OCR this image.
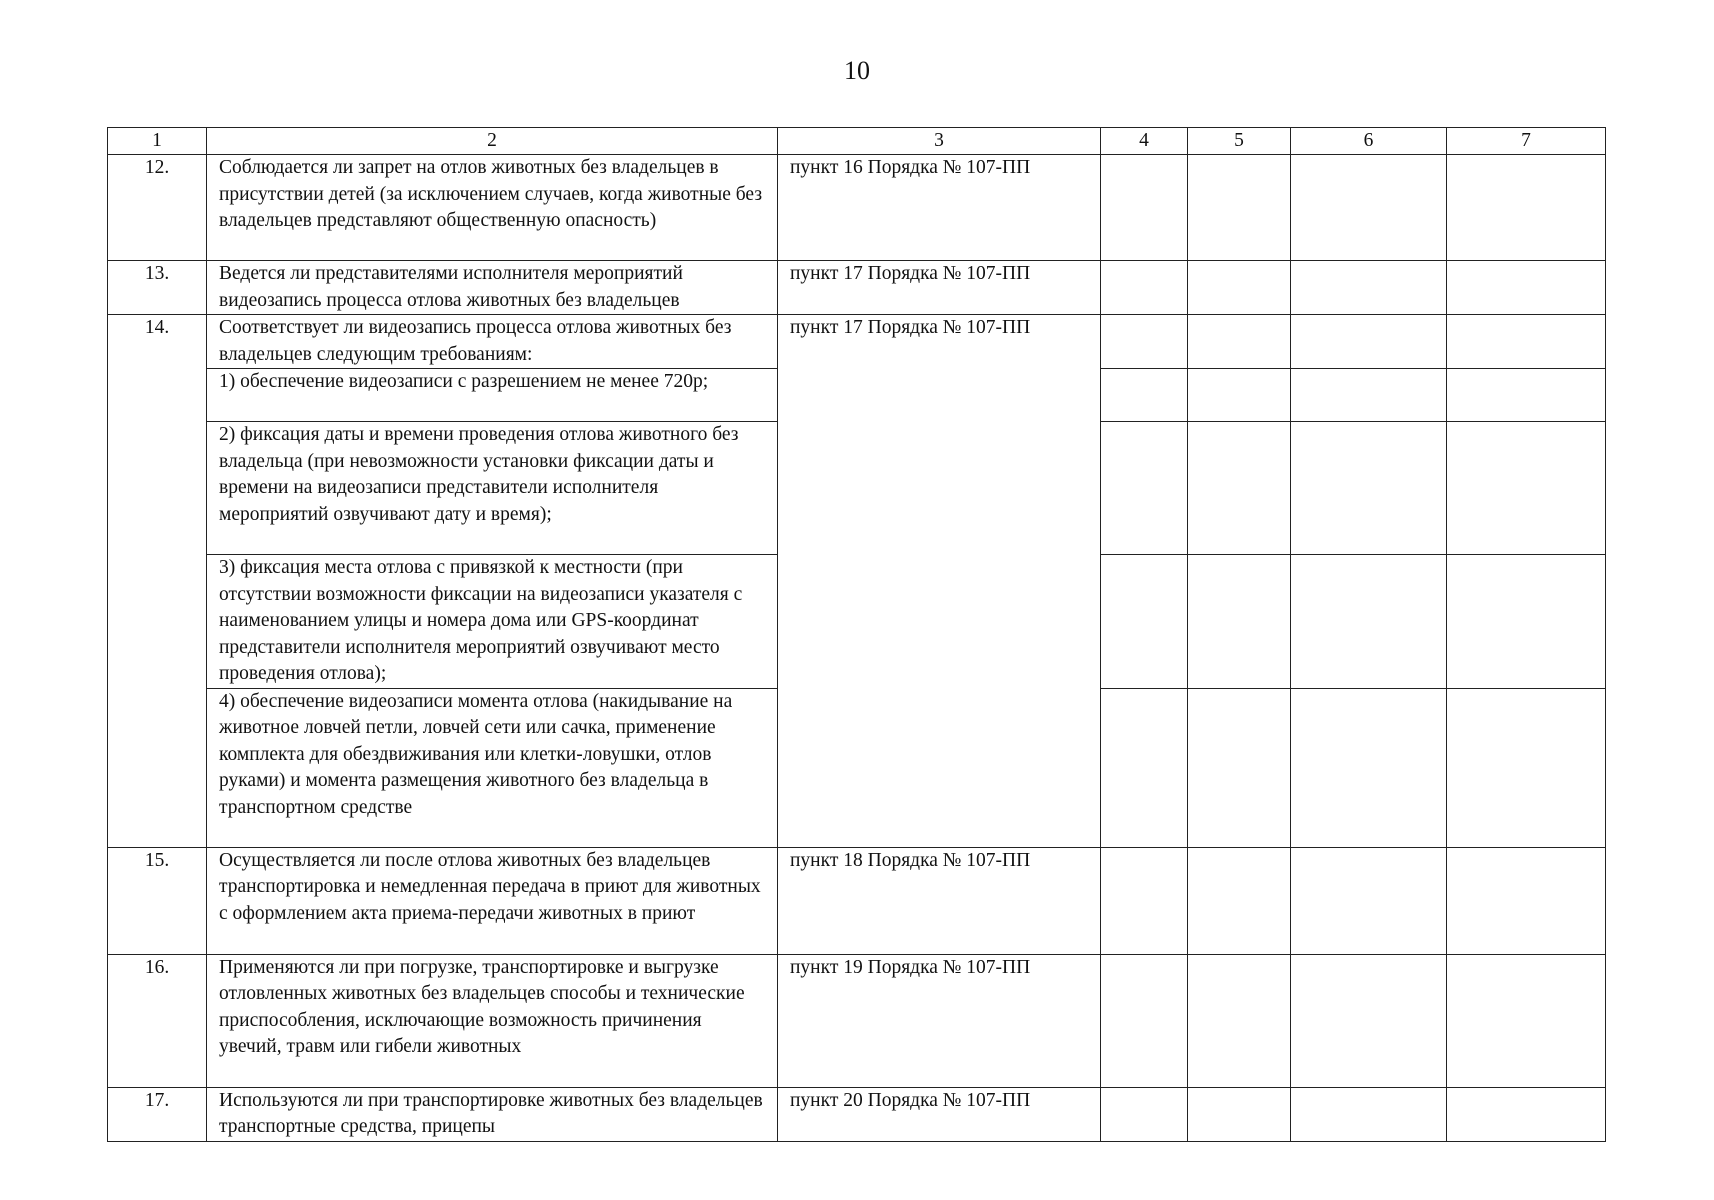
10
1	2	3	4	5	6	7
12.	Соблюдается ли запрет на отлов животных без владельцев в присутствии детей (за исключением случаев, когда животные без владельцев представляют общественную опасность)	пункт 16 Порядка № 107-ПП				
13.	Ведется ли представителями исполнителя мероприятий видеозапись процесса отлова животных без владельцев	пункт 17 Порядка № 107-ПП				
14.	Соответствует ли видеозапись процесса отлова животных без владельцев следующим требованиям:	пункт 17 Порядка № 107-ПП				
	1) обеспечение видеозаписи с разрешением не менее 720р;					
	2) фиксация даты и времени проведения отлова животного без владельца (при невозможности установки фиксации даты и времени на видеозаписи представители исполнителя мероприятий озвучивают дату и время);					
	3) фиксация места отлова с привязкой к местности (при отсутствии возможности фиксации на видеозаписи указателя с наименованием улицы и номера дома или GPS-координат представители исполнителя мероприятий озвучивают место проведения отлова);					
	4) обеспечение видеозаписи момента отлова (накидывание на животное ловчей петли, ловчей сети или сачка, применение комплекта для обездвиживания или клетки-ловушки, отлов руками) и момента размещения животного без владельца в транспортном средстве					
15.	Осуществляется ли после отлова животных без владельцев транспортировка и немедленная передача в приют для животных с оформлением акта приема-передачи животных в приют	пункт 18 Порядка № 107-ПП				
16.	Применяются ли при погрузке, транспортировке и выгрузке отловленных животных без владельцев способы и технические приспособления, исключающие возможность причинения увечий, травм или гибели животных	пункт 19 Порядка № 107-ПП				
17.	Используются ли при транспортировке животных без владельцев транспортные средства, прицепы	пункт 20 Порядка № 107-ПП				
